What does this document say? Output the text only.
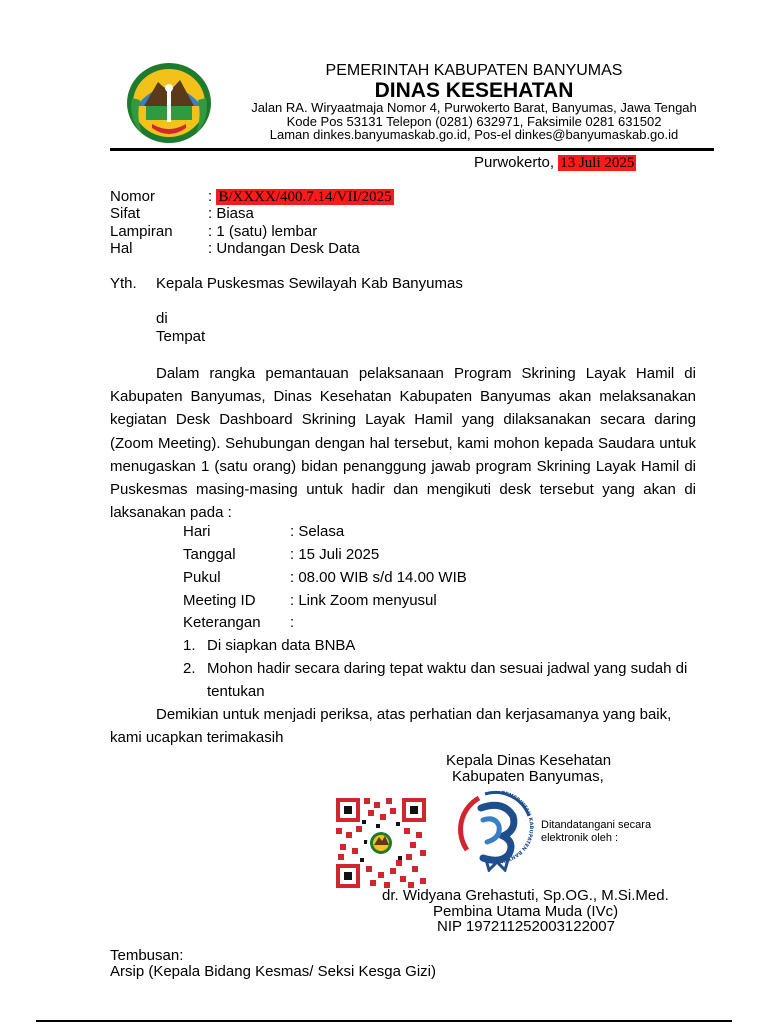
PEMERINTAH KABUPATEN BANYUMAS
DINAS KESEHATAN
Jalan RA. Wiryaatmaja Nomor 4, Purwokerto Barat, Banyumas, Jawa Tengah
Kode Pos 53131 Telepon (0281) 632971, Faksimile 0281 631502
Laman dinkes.banyumaskab.go.id, Pos-el dinkes@banyumaskab.go.id
Purwokerto, 13 Juli 2025
Nomor	: B/XXXX/400.7.14/VII/2025
Sifat	: Biasa
Lampiran : 1 (satu) lembar
Hal	: Undangan Desk Data
Yth. Kepala Puskesmas Sewilayah Kab Banyumas
di
Tempat
Dalam rangka pemantauan pelaksanaan Program Skrining Layak Hamil di Kabupaten Banyumas, Dinas Kesehatan Kabupaten Banyumas akan melaksanakan kegiatan Desk Dashboard Skrining Layak Hamil yang dilaksanakan secara daring (Zoom Meeting). Sehubungan dengan hal tersebut, kami mohon kepada Saudara untuk menugaskan 1 (satu orang) bidan penanggung jawab program Skrining Layak Hamil di Puskesmas masing-masing untuk hadir dan mengikuti desk tersebut yang akan di laksanakan pada :
Hari	: Selasa
Tanggal	: 15 Juli 2025
Pukul	: 08.00 WIB s/d 14.00 WIB
Meeting ID : Link Zoom menyusul
Keterangan :
1. Di siapkan data BNBA
2. Mohon hadir secara daring tepat waktu dan sesuai jadwal yang sudah di
tentukan
Demikian untuk menjadi periksa, atas perhatian dan kerjasamanya yang baik,
kami ucapkan terimakasih
Kepala Dinas Kesehatan
Kabupaten Banyumas,
PEMERINTAH KABUPATEN BANYUMAS
Ditandatangani secara
elektronik oleh :
dr. Widyana Grehastuti, Sp.OG., M.Si.Med.
Pembina Utama Muda (IVc)
NIP 197211252003122007
Tembusan:
Arsip (Kepala Bidang Kesmas/ Seksi Kesga Gizi)
